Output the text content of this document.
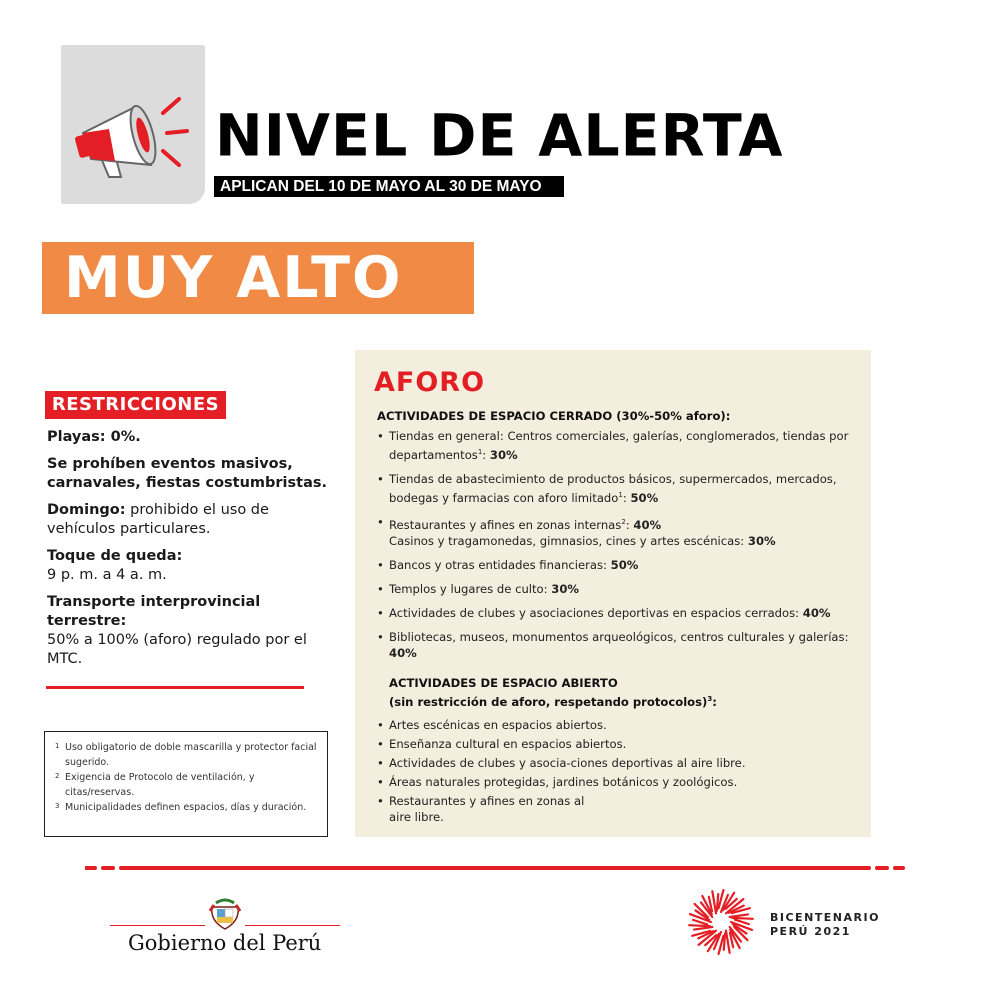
NIVEL DE ALERTA
APLICAN DEL 10 DE MAYO AL 30 DE MAYO
MUY ALTO
RESTRICCIONES
Playas: 0%.
Se prohíben eventos masivos, carnavales, fiestas costumbristas.
Domingo: prohibido el uso de vehículos particulares.
Toque de queda:
9 p. m. a 4 a. m.
Transporte interprovincial terrestre:
50% a 100% (aforo) regulado por el MTC.
1 Uso obligatorio de doble mascarilla y protector facial sugerido.
2 Exigencia de Protocolo de ventilación, y citas/reservas.
3 Municipalidades definen espacios, días y duración.
AFORO
ACTIVIDADES DE ESPACIO CERRADO (30%-50% aforo):
• Tiendas en general: Centros comerciales, galerías, conglomerados, tiendas por departamentos$^1$: 30%
• Tiendas de abastecimiento de productos básicos, supermercados, mercados, bodegas y farmacias con aforo limitado$^1$: 50%
• Restaurantes y afines en zonas internas$^2$: 40%
Casinos y tragamonedas, gimnasios, cines y artes escénicas: 30%
• Bancos y otras entidades financieras: 50%
• Templos y lugares de culto: 30%
• Actividades de clubes y asociaciones deportivas en espacios cerrados: 40%
• Bibliotecas, museos, monumentos arqueológicos, centros culturales y galerías: 40%
ACTIVIDADES DE ESPACIO ABIERTO
(sin restricción de aforo, respetando protocolos)$^3$:
• Artes escénicas en espacios abiertos.
• Enseñanza cultural en espacios abiertos.
• Actividades de clubes y asocia-ciones deportivas al aire libre.
• Áreas naturales protegidas, jardines botánicos y zoológicos.
• Restaurantes y afines en zonas al aire libre.
Gobierno del Perú
BICENTENARIO
PERÚ 2021
